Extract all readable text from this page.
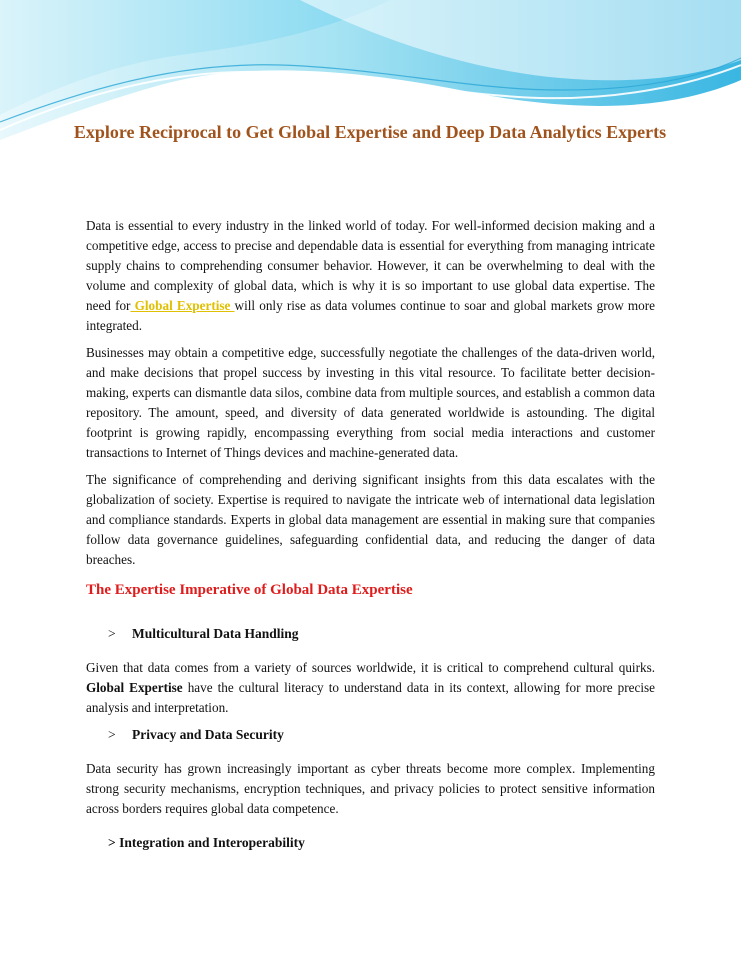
Explore Reciprocal to Get Global Expertise and Deep Data Analytics Experts

Data is essential to every industry in the linked world of today. For well-informed decision making and a competitive edge, access to precise and dependable data is essential for everything from managing intricate supply chains to comprehending consumer behavior. However, it can be overwhelming to deal with the volume and complexity of global data, which is why it is so important to use global data expertise. The need for Global Expertise will only rise as data volumes continue to soar and global markets grow more integrated.

Businesses may obtain a competitive edge, successfully negotiate the challenges of the data-driven world, and make decisions that propel success by investing in this vital resource. To facilitate better decision-making, experts can dismantle data silos, combine data from multiple sources, and establish a common data repository. The amount, speed, and diversity of data generated worldwide is astounding. The digital footprint is growing rapidly, encompassing everything from social media interactions and customer transactions to Internet of Things devices and machine-generated data.

The significance of comprehending and deriving significant insights from this data escalates with the globalization of society. Expertise is required to navigate the intricate web of international data legislation and compliance standards. Experts in global data management are essential in making sure that companies follow data governance guidelines, safeguarding confidential data, and reducing the danger of data breaches.

The Expertise Imperative of Global Data Expertise

> Multicultural Data Handling

Given that data comes from a variety of sources worldwide, it is critical to comprehend cultural quirks. Global Expertise have the cultural literacy to understand data in its context, allowing for more precise analysis and interpretation.

> Privacy and Data Security

Data security has grown increasingly important as cyber threats become more complex. Implementing strong security mechanisms, encryption techniques, and privacy policies to protect sensitive information across borders requires global data competence.

> Integration and Interoperability
